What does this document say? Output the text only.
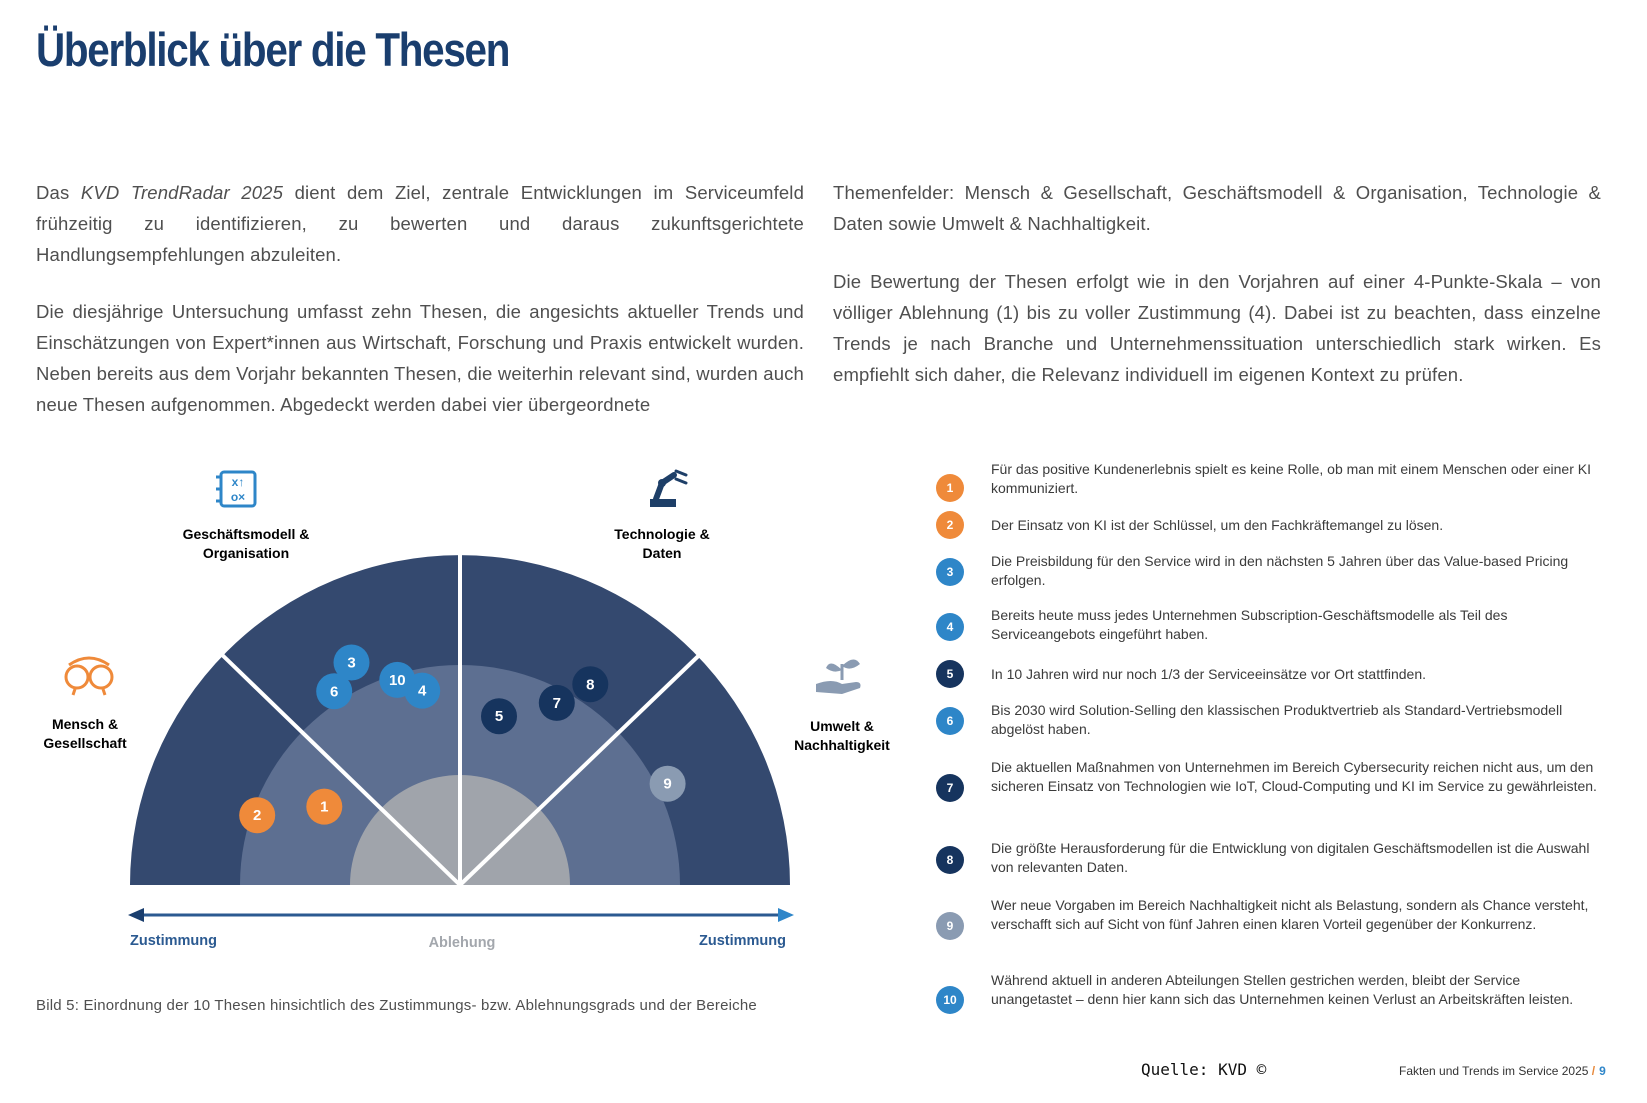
Überblick über die Thesen

Das KVD TrendRadar 2025 dient dem Ziel, zentrale Entwicklungen im Serviceumfeld frühzeitig zu identifizieren, zu bewerten und daraus zukunftsgerichtete Handlungsempfehlungen abzuleiten.

Die diesjährige Untersuchung umfasst zehn Thesen, die angesichts aktueller Trends und Einschätzungen von Expert*innen aus Wirtschaft, Forschung und Praxis entwickelt wurden. Neben bereits aus dem Vorjahr bekannten Thesen, die weiterhin relevant sind, wurden auch neue Thesen aufgenommen. Abgedeckt werden dabei vier übergeordnete

Themenfelder: Mensch & Gesellschaft, Geschäftsmodell & Organisation, Technologie & Daten sowie Umwelt & Nachhaltigkeit.

Die Bewertung der Thesen erfolgt wie in den Vorjahren auf einer 4-Punkte-Skala – von völliger Ablehnung (1) bis zu voller Zustimmung (4). Dabei ist zu beachten, dass einzelne Trends je nach Branche und Unternehmenssituation unterschiedlich stark wirken. Es empfiehlt sich daher, die Relevanz individuell im eigenen Kontext zu prüfen.

x↑
o×
Mensch &
Gesellschaft
Geschäftsmodell &
Organisation
Technologie &
Daten
Umwelt &
Nachhaltigkeit
Zustimmung	Ablehung	Zustimmung
1
2
3
4
5
6
7
8
9
10

Bild 5: Einordnung der 10 Thesen hinsichtlich des Zustimmungs- bzw. Ablehnungsgrads und der Bereiche

1
Für das positive Kundenerlebnis spielt es keine Rolle, ob man mit einem Menschen oder einer KI kommuniziert.
2	Der Einsatz von KI ist der Schlüssel, um den Fachkräftemangel zu lösen.
3
Die Preisbildung für den Service wird in den nächsten 5 Jahren über das Value-based Pricing erfolgen.
4
Bereits heute muss jedes Unternehmen Subscription-Geschäftsmodelle als Teil des Serviceangebots eingeführt haben.
5	In 10 Jahren wird nur noch 1/3 der Serviceeinsätze vor Ort stattfinden.
6
Bis 2030 wird Solution-Selling den klassischen Produktvertrieb als Standard-Vertriebsmodell abgelöst haben.
7
Die aktuellen Maßnahmen von Unternehmen im Bereich Cybersecurity reichen nicht aus, um den sicheren Einsatz von Technologien wie IoT, Cloud-Computing und KI im Service zu gewährleisten.
8
Die größte Herausforderung für die Entwicklung von digitalen Geschäftsmodellen ist die Auswahl von relevanten Daten.
9
Wer neue Vorgaben im Bereich Nachhaltigkeit nicht als Belastung, sondern als Chance versteht, verschafft sich auf Sicht von fünf Jahren einen klaren Vorteil gegenüber der Konkurrenz.
10
Während aktuell in anderen Abteilungen Stellen gestrichen werden, bleibt der Service unangetastet – denn hier kann sich das Unternehmen keinen Verlust an Arbeitskräften leisten.

Quelle: KVD ©	Fakten und Trends im Service 2025 / 9
